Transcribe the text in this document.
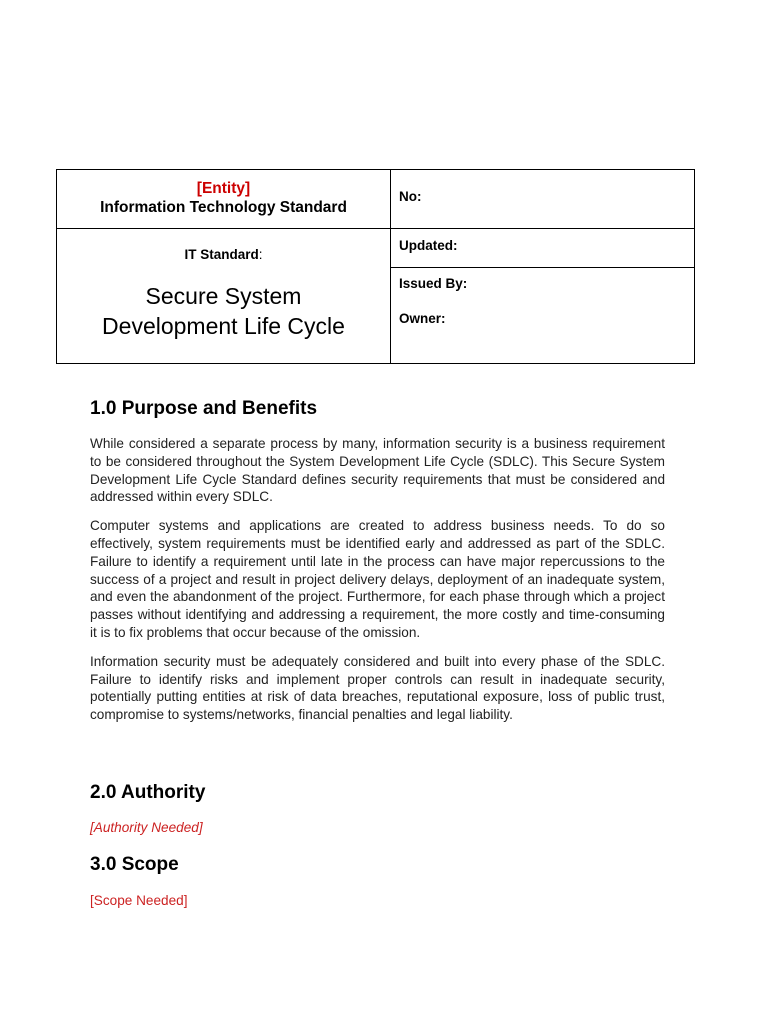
[Entity]
Information Technology Standard
IT Standard:
Secure System
Development Life Cycle
No:
Updated:
Issued By:
Owner:
1.0 Purpose and Benefits

While considered a separate process by many, information security is a business requirement to be considered throughout the System Development Life Cycle (SDLC). This Secure System Development Life Cycle Standard defines security requirements that must be considered and addressed within every SDLC.

Computer systems and applications are created to address business needs. To do so effectively, system requirements must be identified early and addressed as part of the SDLC. Failure to identify a requirement until late in the process can have major repercussions to the success of a project and result in project delivery delays, deployment of an inadequate system, and even the abandonment of the project. Furthermore, for each phase through which a project passes without identifying and addressing a requirement, the more costly and time-consuming it is to fix problems that occur because of the omission.

Information security must be adequately considered and built into every phase of the SDLC. Failure to identify risks and implement proper controls can result in inadequate security, potentially putting entities at risk of data breaches, reputational exposure, loss of public trust, compromise to systems/networks, financial penalties and legal liability.

2.0 Authority

[Authority Needed]

3.0 Scope

[Scope Needed]
